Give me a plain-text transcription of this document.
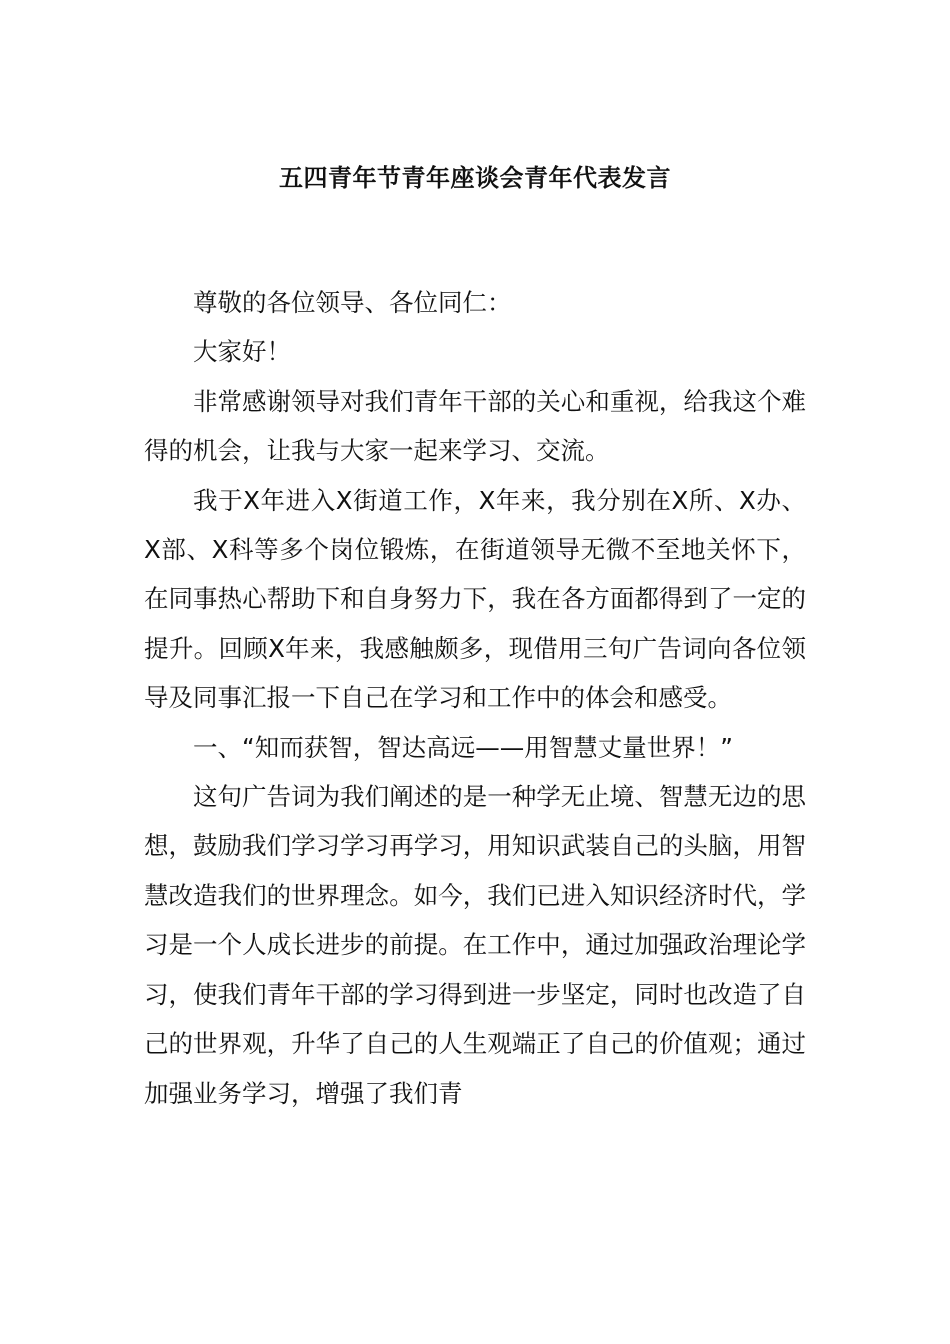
五四青年节青年座谈会青年代表发言

尊敬的各位领导、各位同仁：

大家好！

非常感谢领导对我们青年干部的关心和重视，给我这个难得的机会，让我与大家一起来学习、交流。

我于X年进入X街道工作，X年来，我分别在X所、X办、X部、X科等多个岗位锻炼，在街道领导无微不至地关怀下，在同事热心帮助下和自身努力下，我在各方面都得到了一定的提升。回顾X年来，我感触颇多，现借用三句广告词向各位领导及同事汇报一下自己在学习和工作中的体会和感受。

一、“知而获智，智达高远——用智慧丈量世界！”

这句广告词为我们阐述的是一种学无止境、智慧无边的思想，鼓励我们学习学习再学习，用知识武装自己的头脑，用智慧改造我们的世界理念。如今，我们已进入知识经济时代，学习是一个人成长进步的前提。在工作中，通过加强政治理论学习，使我们青年干部的学习得到进一步坚定，同时也改造了自己的世界观，升华了自己的人生观端正了自己的价值观；通过加强业务学习，增强了我们青
